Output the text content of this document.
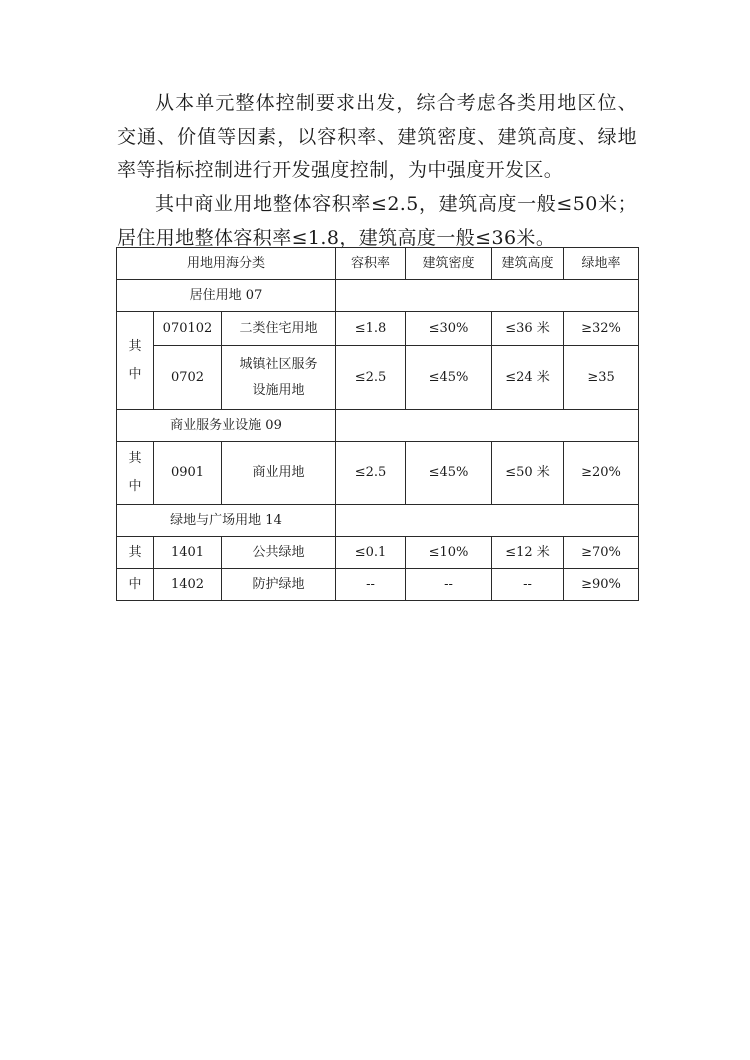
从本单元整体控制要求出发，综合考虑各类用地区位、交通、价值等因素，以容积率、建筑密度、建筑高度、绿地率等指标控制进行开发强度控制，为中强度开发区。

其中商业用地整体容积率≤2.5，建筑高度一般≤50米；居住用地整体容积率≤1.8，建筑高度一般≤36米。

用地用海分类			容积率	建筑密度	建筑高度	绿地率
居住用地 07						

其
中	070102	二类住宅用地	≤1.8	≤30%	≤36 米	≥32%
	0702	城镇社区服务
设施用地	≤2.5	≤45%	≤24 米	≥35
商业服务业设施 09						

其
中	0901	商业用地	≤2.5	≤45%	≤50 米	≥20%
绿地与广场用地 14						
其	1401	公共绿地	≤0.1	≤10%	≤12 米	≥70%
中	1402	防护绿地	--	--	--	≥90%
